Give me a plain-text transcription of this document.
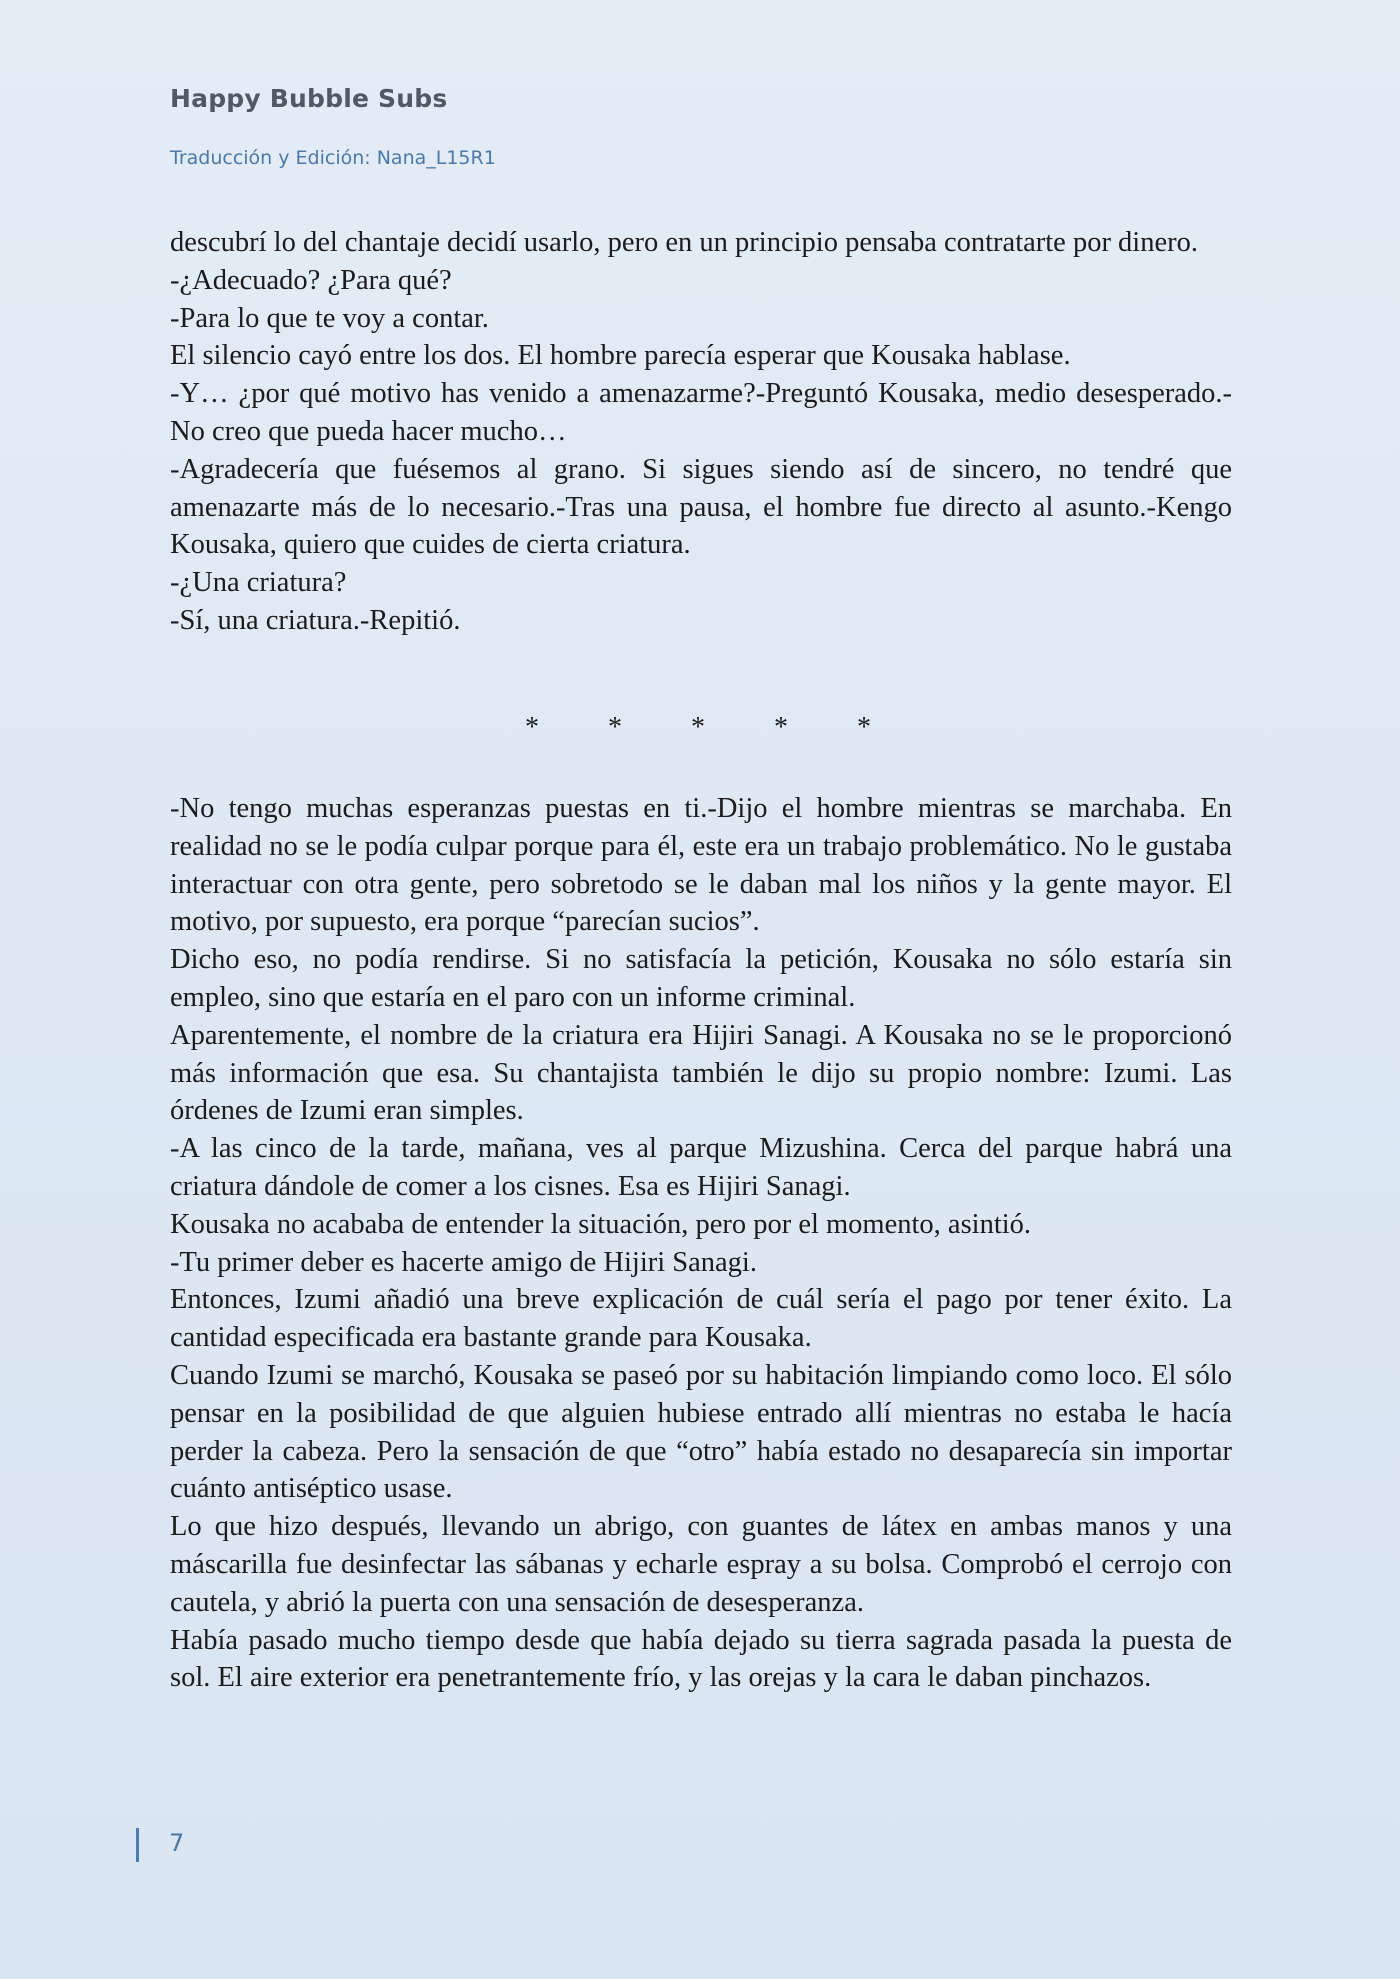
Happy Bubble Subs
Traducción y Edición: Nana_L15R1

descubrí lo del chantaje decidí usarlo, pero en un principio pensaba contratarte por dinero.

-¿Adecuado? ¿Para qué?

-Para lo que te voy a contar.

El silencio cayó entre los dos. El hombre parecía esperar que Kousaka hablase.

-Y… ¿por qué motivo has venido a amenazarme?-Preguntó Kousaka, medio desesperado.-No creo que pueda hacer mucho…

-Agradecería que fuésemos al grano. Si sigues siendo así de sincero, no tendré que amenazarte más de lo necesario.-Tras una pausa, el hombre fue directo al asunto.-Kengo Kousaka, quiero que cuides de cierta criatura.

-¿Una criatura?

-Sí, una criatura.-Repitió.

* * * * *

-No tengo muchas esperanzas puestas en ti.-Dijo el hombre mientras se marchaba. En realidad no se le podía culpar porque para él, este era un trabajo problemático. No le gustaba interactuar con otra gente, pero sobretodo se le daban mal los niños y la gente mayor. El motivo, por supuesto, era porque “parecían sucios”.

Dicho eso, no podía rendirse. Si no satisfacía la petición, Kousaka no sólo estaría sin empleo, sino que estaría en el paro con un informe criminal.

Aparentemente, el nombre de la criatura era Hijiri Sanagi. A Kousaka no se le proporcionó más información que esa. Su chantajista también le dijo su propio nombre: Izumi. Las órdenes de Izumi eran simples.

-A las cinco de la tarde, mañana, ves al parque Mizushina. Cerca del parque habrá una criatura dándole de comer a los cisnes. Esa es Hijiri Sanagi.

Kousaka no acababa de entender la situación, pero por el momento, asintió.

-Tu primer deber es hacerte amigo de Hijiri Sanagi.

Entonces, Izumi añadió una breve explicación de cuál sería el pago por tener éxito. La cantidad especificada era bastante grande para Kousaka.

Cuando Izumi se marchó, Kousaka se paseó por su habitación limpiando como loco. El sólo pensar en la posibilidad de que alguien hubiese entrado allí mientras no estaba le hacía perder la cabeza. Pero la sensación de que “otro” había estado no desaparecía sin importar cuánto antiséptico usase.

Lo que hizo después, llevando un abrigo, con guantes de látex en ambas manos y una máscarilla fue desinfectar las sábanas y echarle espray a su bolsa. Comprobó el cerrojo con cautela, y abrió la puerta con una sensación de desesperanza.

Había pasado mucho tiempo desde que había dejado su tierra sagrada pasada la puesta de sol. El aire exterior era penetrantemente frío, y las orejas y la cara le daban pinchazos.

7
